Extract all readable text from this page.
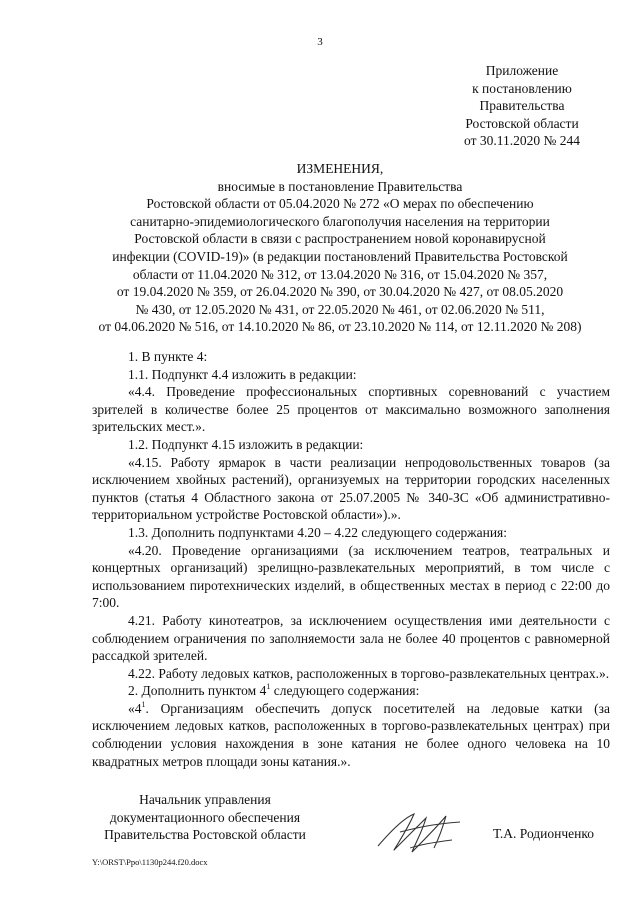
3
Приложение
к постановлению
Правительства
Ростовской области
от 30.11.2020 № 244
ИЗМЕНЕНИЯ,
вносимые в постановление Правительства
Ростовской области от 05.04.2020 № 272 «О мерах по обеспечению
санитарно-эпидемиологического благополучия населения на территории
Ростовской области в связи с распространением новой коронавирусной
инфекции (COVID-19)» (в редакции постановлений Правительства Ростовской
области от 11.04.2020 № 312, от 13.04.2020 № 316, от 15.04.2020 № 357,
от 19.04.2020 № 359, от 26.04.2020 № 390, от 30.04.2020 № 427, от 08.05.2020
№ 430, от 12.05.2020 № 431, от 22.05.2020 № 461, от 02.06.2020 № 511,
от 04.06.2020 № 516, от 14.10.2020 № 86, от 23.10.2020 № 114, от 12.11.2020 № 208)

1. В пункте 4:

1.1. Подпункт 4.4 изложить в редакции:

«4.4. Проведение профессиональных спортивных соревнований с участием зрителей в количестве более 25 процентов от максимально возможного заполнения зрительских мест.».

1.2. Подпункт 4.15 изложить в редакции:

«4.15. Работу ярмарок в части реализации непродовольственных товаров (за исключением хвойных растений), организуемых на территории городских населенных пунктов (статья 4 Областного закона от 25.07.2005 № 340-ЗС «Об административно-территориальном устройстве Ростовской области»).».

1.3. Дополнить подпунктами 4.20 – 4.22 следующего содержания:

«4.20. Проведение организациями (за исключением театров, театральных и концертных организаций) зрелищно-развлекательных мероприятий, в том числе с использованием пиротехнических изделий, в общественных местах в период с 22:00 до 7:00.

4.21. Работу кинотеатров, за исключением осуществления ими деятельности с соблюдением ограничения по заполняемости зала не более 40 процентов с равномерной рассадкой зрителей.

4.22. Работу ледовых катков, расположенных в торгово-развлекательных центрах.».

2. Дополнить пунктом $4^1$ следующего содержания:

«$4^1$. Организациям обеспечить допуск посетителей на ледовые катки (за исключением ледовых катков, расположенных в торгово-развлекательных центрах) при соблюдении условия нахождения в зоне катания не более одного человека на 10 квадратных метров площади зоны катания.».

Начальник управления
документационного обеспечения
Правительства Ростовской области	Т.А. Родионченко
Y:\ORST\Ppo\1130p244.f20.docx
